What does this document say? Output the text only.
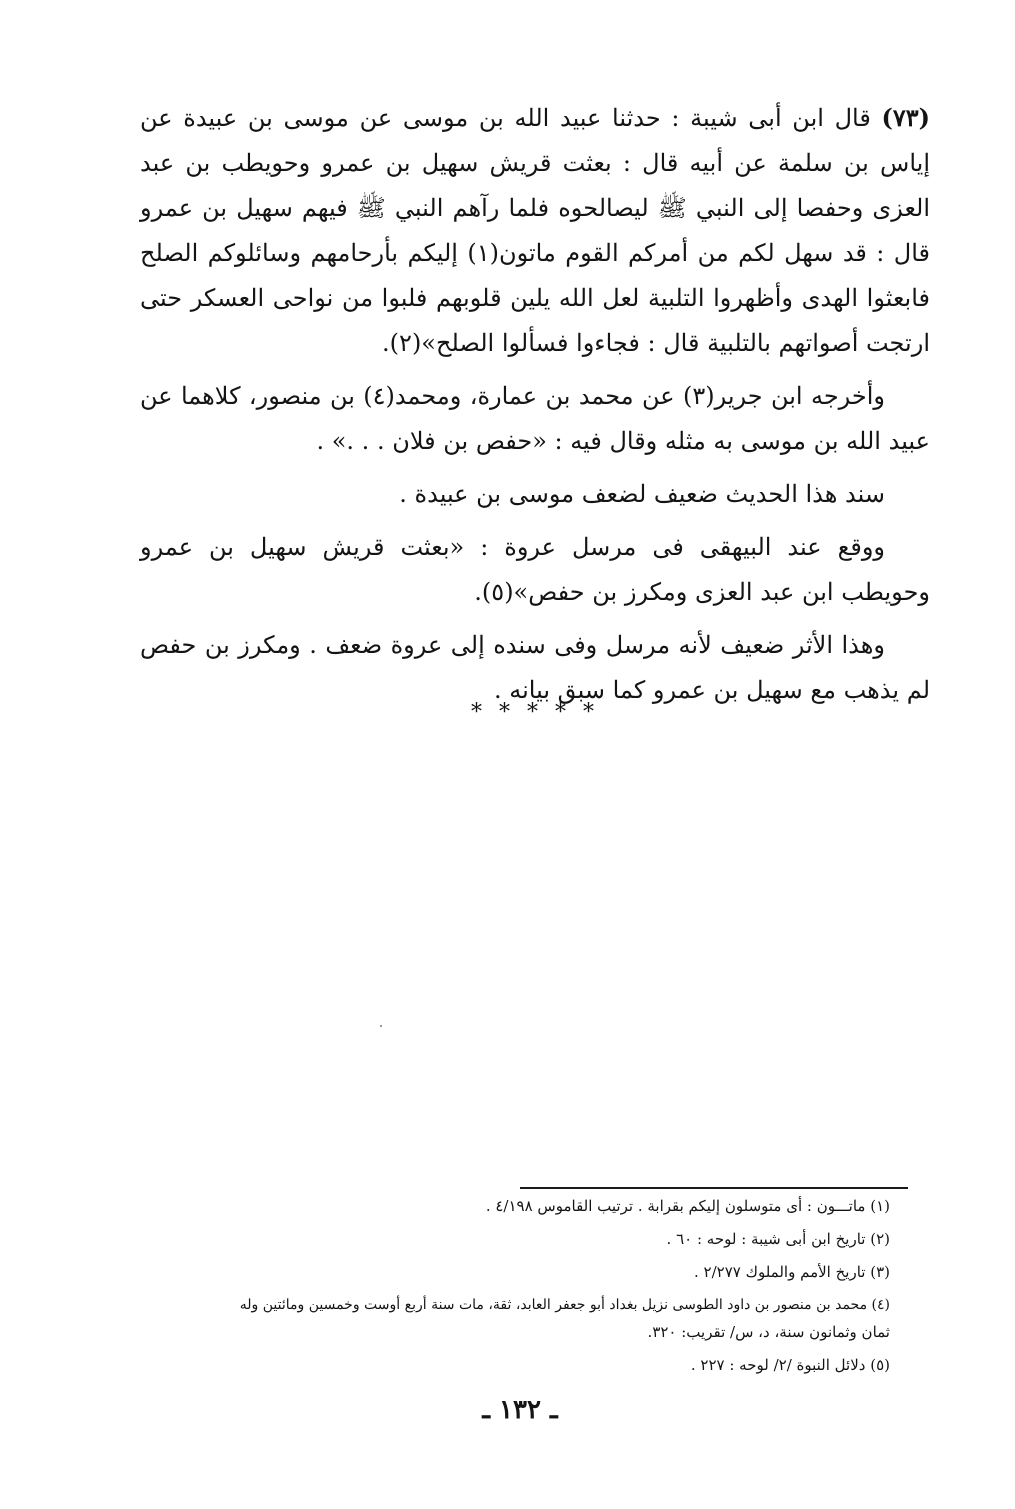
(٧٣) قال ابن أبى شيبة : حدثنا عبيد الله بن موسى عن موسى بن عبيدة عن إياس بن سلمة عن أبيه قال : بعثت قريش سهيل بن عمرو وحويطب بن عبد العزى وحفصا إلى النبي ﷺ ليصالحوه فلما رآهم النبي ﷺ فيهم سهيل بن عمرو قال : قد سهل لكم من أمركم القوم ماتون(١) إليكم بأرحامهم وسائلوكم الصلح فابعثوا الهدى وأظهروا التلبية لعل الله يلين قلوبهم فلبوا من نواحى العسكر حتى ارتجت أصواتهم بالتلبية قال : فجاءوا فسألوا الصلح»(٢).

وأخرجه ابن جرير(٣) عن محمد بن عمارة، ومحمد(٤) بن منصور، كلاهما عن عبيد الله بن موسى به مثله وقال فيه : «حفص بن فلان . . .» .

سند هذا الحديث ضعيف لضعف موسى بن عبيدة .

ووقع عند البيهقى فى مرسل عروة : «بعثت قريش سهيل بن عمرو وحويطب ابن عبد العزى ومكرز بن حفص»(٥).

وهذا الأثر ضعيف لأنه مرسل وفى سنده إلى عروة ضعف . ومكرز بن حفص لم يذهب مع سهيل بن عمرو كما سبق بيانه .

* * * * *

(١) ماتـــون : أى متوسلون إليكم بقرابة . ترتيب القاموس ٤/١٩٨ .

(٢) تاريخ ابن أبى شيبة : لوحه : ٦٠ .

(٣) تاريخ الأمم والملوك ٢/٢٧٧ .

(٤) محمد بن منصور بن داود الطوسى نزيل بغداد أبو جعفر العابد، ثقة، مات سنة أربع أوست وخمسين ومائتين وله

ثمان وثمانون سنة، د، س/ تقريب: ٣٢٠.

(٥) دلائل النبوة /٢/ لوحه : ٢٢٧ .

ـ ١٣٢ ـ
